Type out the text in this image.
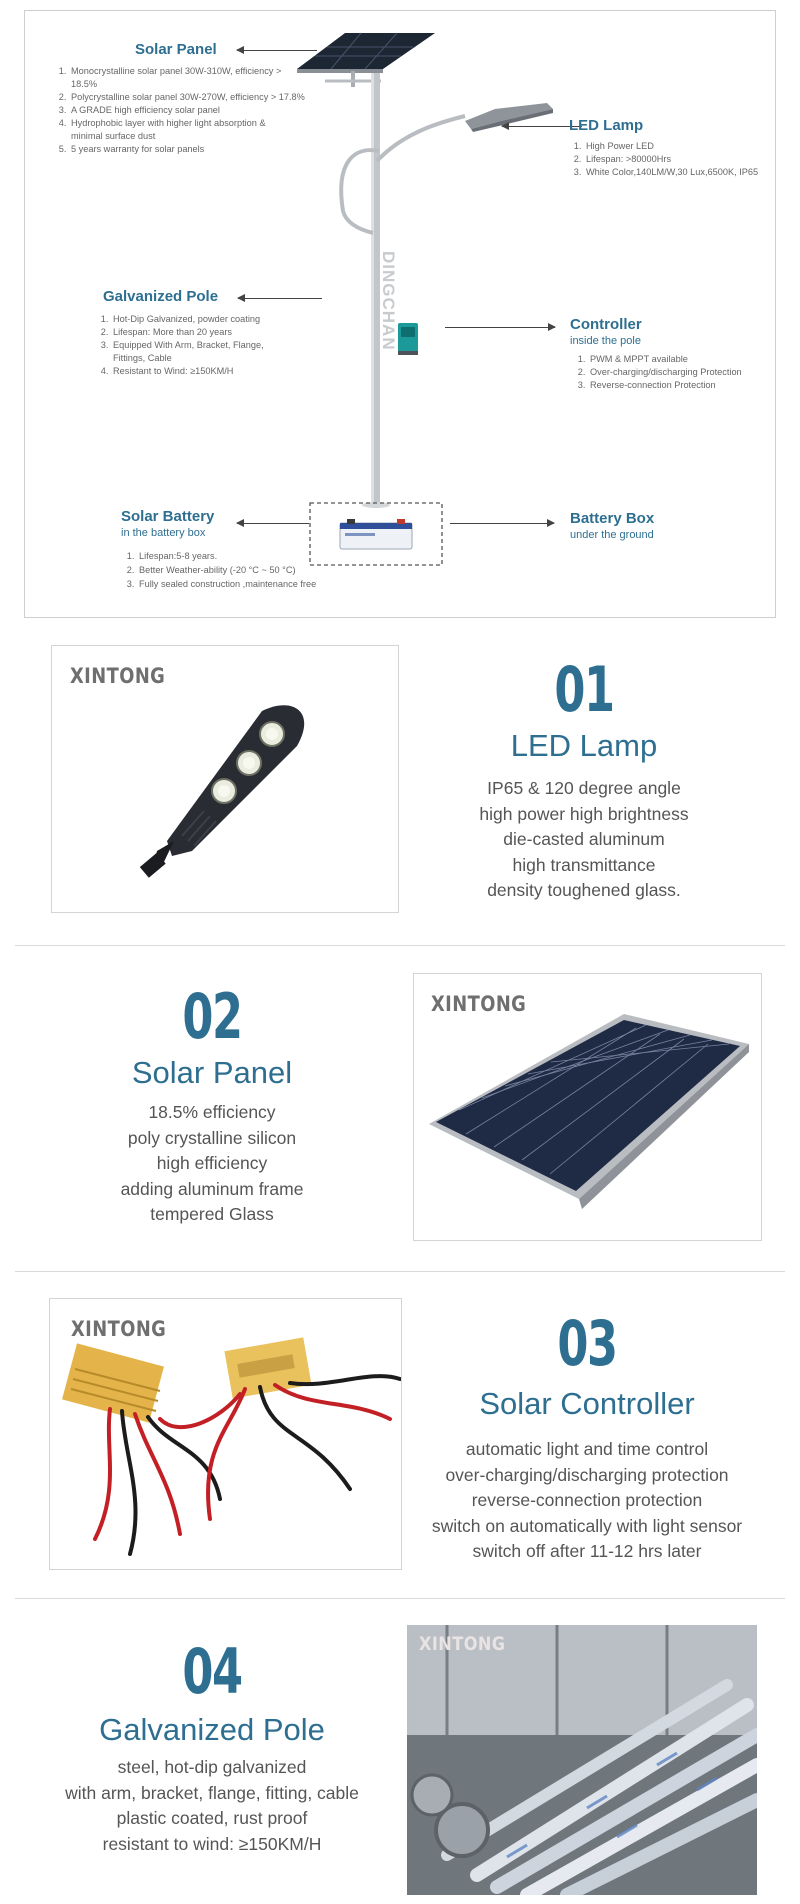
DINGCHAN
Solar Panel
1. Monocrystalline solar panel 30W-310W, efficiency > 18.5%
2. Polycrystalline solar panel 30W-270W, efficiency > 17.8%
3. A GRADE high efficiency solar panel
4. Hydrophobic layer with higher light absorption & minimal surface dust
5. 5 years warranty for solar panels
LED Lamp
1. High Power LED
2. Lifespan: >80000Hrs
3. White Color,140LM/W,30 Lux,6500K, IP65
Galvanized Pole
1. Hot-Dip Galvanized, powder coating
2. Lifespan: More than 20 years
3. Equipped With Arm, Bracket, Flange, Fittings, Cable
4. Resistant to Wind: ≥150KM/H
Controller
inside the pole
1. PWM & MPPT available
2. Over-charging/discharging Protection
3. Reverse-connection Protection
Solar Battery
in the battery box
1. Lifespan:5-8 years.
2. Better Weather-ability (-20 °C ~ 50 °C)
3. Fully sealed construction ,maintenance free
Battery Box
under the ground
XINTONG	01
LED Lamp
IP65 & 120 degree angle
high power high brightness
die-casted aluminum
high transmittance
density toughened glass.
02
Solar Panel
18.5% efficiency
poly crystalline silicon
high efficiency
adding aluminum frame
tempered Glass
XINTONG
XINTONG	03
Solar Controller
automatic light and time control
over-charging/discharging protection
reverse-connection protection
switch on automatically with light sensor
switch off after 11-12 hrs later
04
Galvanized Pole
steel, hot-dip galvanized
with arm, bracket, flange, fitting, cable
plastic coated, rust proof
resistant to wind: ≥150KM/H
XINTONG
